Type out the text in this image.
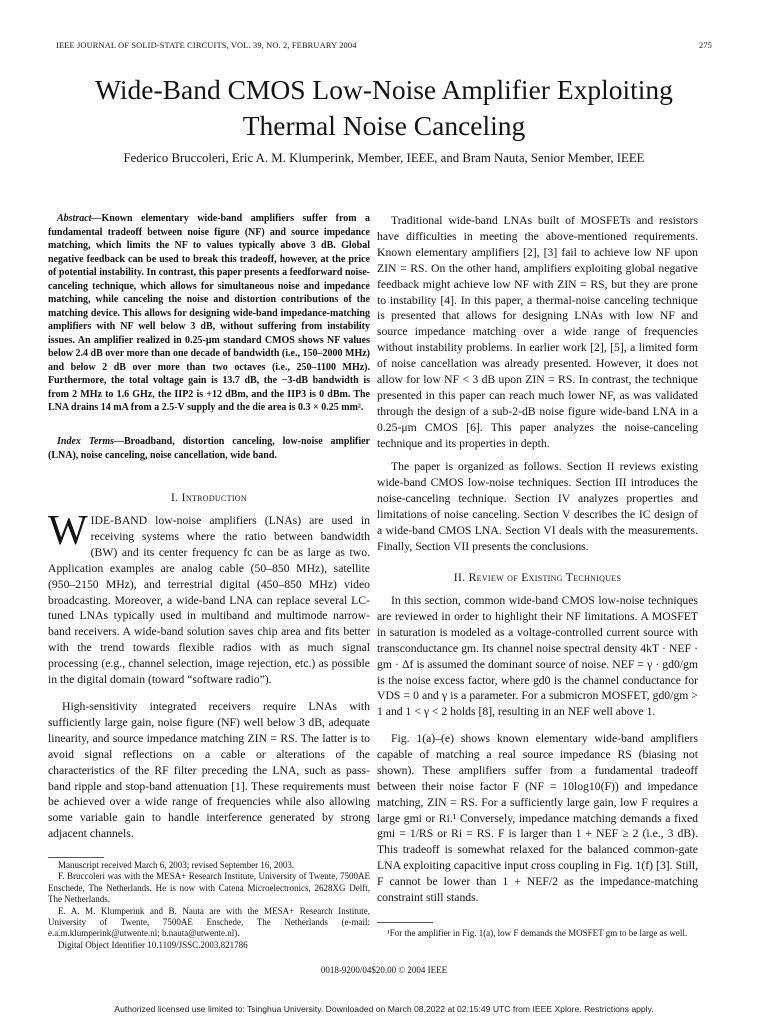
IEEE JOURNAL OF SOLID-STATE CIRCUITS, VOL. 39, NO. 2, FEBRUARY 2004	275
Wide-Band CMOS Low-Noise Amplifier Exploiting
Thermal Noise Canceling
Federico Bruccoleri, Eric A. M. Klumperink, Member, IEEE, and Bram Nauta, Senior Member, IEEE
Abstract—Known elementary wide-band amplifiers suffer from a fundamental tradeoff between noise figure (NF) and source impedance matching, which limits the NF to values typically above 3 dB. Global negative feedback can be used to break this tradeoff, however, at the price of potential instability. In contrast, this paper presents a feedforward noise-canceling technique, which allows for simultaneous noise and impedance matching, while canceling the noise and distortion contributions of the matching device. This allows for designing wide-band impedance-matching amplifiers with NF well below 3 dB, without suffering from instability issues. An amplifier realized in 0.25-μm standard CMOS shows NF values below 2.4 dB over more than one decade of bandwidth (i.e., 150–2000 MHz) and below 2 dB over more than two octaves (i.e., 250–1100 MHz). Furthermore, the total voltage gain is 13.7 dB, the −3-dB bandwidth is from 2 MHz to 1.6 GHz, the IIP2 is +12 dBm, and the IIP3 is 0 dBm. The LNA drains 14 mA from a 2.5-V supply and the die area is 0.3 × 0.25 mm².
Index Terms—Broadband, distortion canceling, low-noise amplifier (LNA), noise canceling, noise cancellation, wide band.
I. Introduction
WIDE-BAND low-noise amplifiers (LNAs) are used in receiving systems where the ratio between bandwidth (BW) and its center frequency fc can be as large as two. Application examples are analog cable (50–850 MHz), satellite (950–2150 MHz), and terrestrial digital (450–850 MHz) video broadcasting. Moreover, a wide-band LNA can replace several LC-tuned LNAs typically used in multiband and multimode narrow-band receivers. A wide-band solution saves chip area and fits better with the trend towards flexible radios with as much signal processing (e.g., channel selection, image rejection, etc.) as possible in the digital domain (toward “software radio”).

High-sensitivity integrated receivers require LNAs with sufficiently large gain, noise figure (NF) well below 3 dB, adequate linearity, and source impedance matching ZIN = RS. The latter is to avoid signal reflections on a cable or alterations of the characteristics of the RF filter preceding the LNA, such as pass-band ripple and stop-band attenuation [1]. These requirements must be achieved over a wide range of frequencies while also allowing some variable gain to handle interference generated by strong adjacent channels.

Manuscript received March 6, 2003; revised September 16, 2003.

F. Bruccoleri was with the MESA+ Research Institute, University of Twente, 7500AE Enschede, The Netherlands. He is now with Catena Microelectronics, 2628XG Delft, The Netherlands.

E. A. M. Klumperink and B. Nauta are with the MESA+ Research Institute, University of Twente, 7500AE Enschede, The Netherlands (e-mail: e.a.m.klumperink@utwente.nl; b.nauta@utwente.nl).

Digital Object Identifier 10.1109/JSSC.2003.821786

Traditional wide-band LNAs built of MOSFETs and resistors have difficulties in meeting the above-mentioned requirements. Known elementary amplifiers [2], [3] fail to achieve low NF upon ZIN = RS. On the other hand, amplifiers exploiting global negative feedback might achieve low NF with ZIN = RS, but they are prone to instability [4]. In this paper, a thermal-noise canceling technique is presented that allows for designing LNAs with low NF and source impedance matching over a wide range of frequencies without instability problems. In earlier work [2], [5], a limited form of noise cancellation was already presented. However, it does not allow for low NF < 3 dB upon ZIN = RS. In contrast, the technique presented in this paper can reach much lower NF, as was validated through the design of a sub-2-dB noise figure wide-band LNA in a 0.25-μm CMOS [6]. This paper analyzes the noise-canceling technique and its properties in depth.

The paper is organized as follows. Section II reviews existing wide-band CMOS low-noise techniques. Section III introduces the noise-canceling technique. Section IV analyzes properties and limitations of noise canceling. Section V describes the IC design of a wide-band CMOS LNA. Section VI deals with the measurements. Finally, Section VII presents the conclusions.

II. Review of Existing Techniques

In this section, common wide-band CMOS low-noise techniques are reviewed in order to highlight their NF limitations. A MOSFET in saturation is modeled as a voltage-controlled current source with transconductance gm. Its channel noise spectral density 4kT · NEF · gm · Δf is assumed the dominant source of noise. NEF = γ · gd0/gm is the noise excess factor, where gd0 is the channel conductance for VDS = 0 and γ is a parameter. For a submicron MOSFET, gd0/gm > 1 and 1 < γ < 2 holds [8], resulting in an NEF well above 1.

Fig. 1(a)–(e) shows known elementary wide-band amplifiers capable of matching a real source impedance RS (biasing not shown). These amplifiers suffer from a fundamental tradeoff between their noise factor F (NF = 10log10(F)) and impedance matching, ZIN = RS. For a sufficiently large gain, low F requires a large gmi or Ri.¹ Conversely, impedance matching demands a fixed gmi = 1/RS or Ri = RS. F is larger than 1 + NEF ≥ 2 (i.e., 3 dB). This tradeoff is somewhat relaxed for the balanced common-gate LNA exploiting capacitive input cross coupling in Fig. 1(f) [3]. Still, F cannot be lower than 1 + NEF/2 as the impedance-matching constraint still stands.

¹For the amplifier in Fig. 1(a), low F demands the MOSFET gm to be large as well.
0018-9200/04$20.00 © 2004 IEEE
Authorized licensed use limited to: Tsinghua University. Downloaded on March 08,2022 at 02:15:49 UTC from IEEE Xplore. Restrictions apply.
